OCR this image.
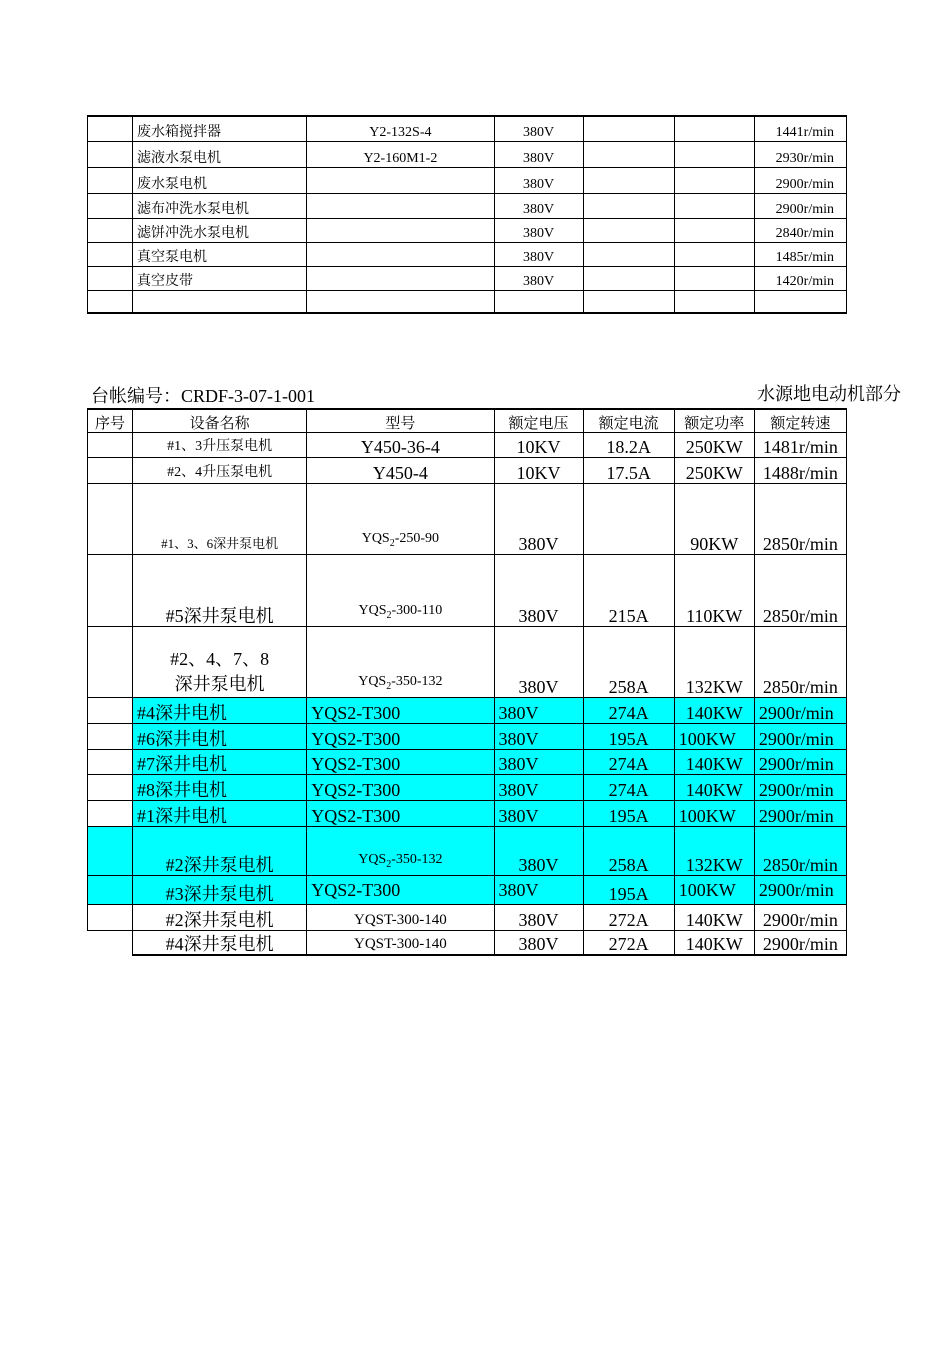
	废水箱搅拌器	Y2-132S-4	380V			1441r/min
	滤液水泵电机	Y2-160M1-2	380V			2930r/min
	废水泵电机		380V			2900r/min
	滤布冲洗水泵电机		380V			2900r/min
	滤饼冲洗水泵电机		380V			2840r/min
	真空泵电机		380V			1485r/min
	真空皮带		380V			1420r/min

台帐编号：CRDF-3-07-1-001	水源地电动机部分
序号	设备名称	型号	额定电压	额定电流	额定功率	额定转速
	#1、3升压泵电机	Y450-36-4	10KV	18.2A	250KW	1481r/min
	#2、4升压泵电机	Y450-4	10KV	17.5A	250KW	1488r/min
	#1、3、6深井泵电机	$YQS_2-250-90$	380V		90KW	2850r/min
	#5深井泵电机	$YQS_2-300-110$	380V	215A	110KW	2850r/min

	#2、4、7、8
深井泵电机	$YQS_2-350-132$	380V	258A	132KW	2850r/min
	#4深井电机	YQS2-T300	380V	274A	140KW	2900r/min
	#6深井电机	YQS2-T300	380V	195A	100KW	2900r/min
	#7深井电机	YQS2-T300	380V	274A	140KW	2900r/min
	#8深井电机	YQS2-T300	380V	274A	140KW	2900r/min
	#1深井电机	YQS2-T300	380V	195A	100KW	2900r/min
	#2深井泵电机	$YQS_2-350-132$	380V	258A	132KW	2850r/min
	#3深井泵电机	YQS2-T300	380V	195A	100KW	2900r/min
	#2深井泵电机	YQST-300-140	380V	272A	140KW	2900r/min
	#4深井泵电机	YQST-300-140	380V	272A	140KW	2900r/min
